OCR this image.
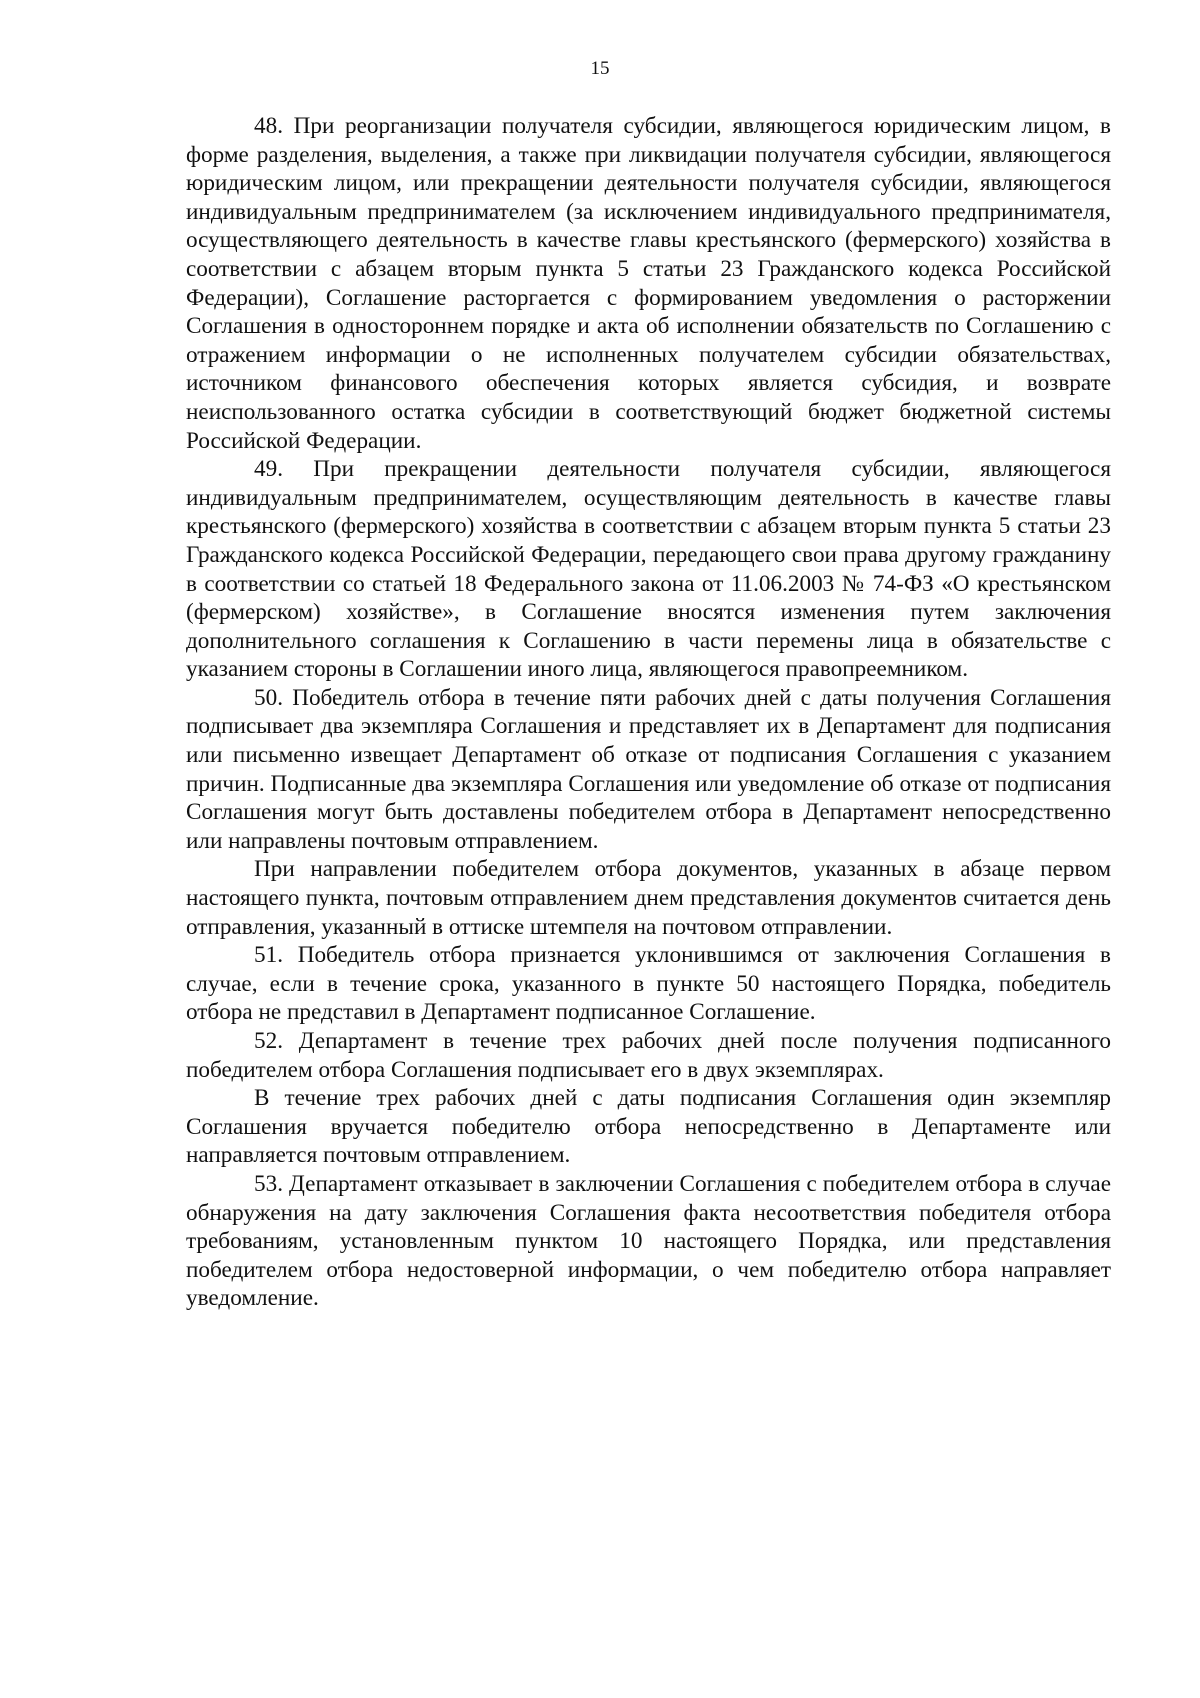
15

48. При реорганизации получателя субсидии, являющегося юридическим лицом, в форме разделения, выделения, а также при ликвидации получателя субсидии, являющегося юридическим лицом, или прекращении деятельности получателя субсидии, являющегося индивидуальным предпринимателем (за исключением индивидуального предпринимателя, осуществляющего деятельность в качестве главы крестьянского (фермерского) хозяйства в соответствии с абзацем вторым пункта 5 статьи 23 Гражданского кодекса Российской Федерации), Соглашение расторгается с формированием уведомления о расторжении Соглашения в одностороннем порядке и акта об исполнении обязательств по Соглашению с отражением информации о не исполненных получателем субсидии обязательствах, источником финансового обеспечения которых является субсидия, и возврате неиспользованного остатка субсидии в соответствующий бюджет бюджетной системы Российской Федерации.

49. При прекращении деятельности получателя субсидии, являющегося индивидуальным предпринимателем, осуществляющим деятельность в качестве главы крестьянского (фермерского) хозяйства в соответствии с абзацем вторым пункта 5 статьи 23 Гражданского кодекса Российской Федерации, передающего свои права другому гражданину в соответствии со статьей 18 Федерального закона от 11.06.2003 № 74-ФЗ «О крестьянском (фермерском) хозяйстве», в Соглашение вносятся изменения путем заключения дополнительного соглашения к Соглашению в части перемены лица в обязательстве с указанием стороны в Соглашении иного лица, являющегося правопреемником.

50. Победитель отбора в течение пяти рабочих дней с даты получения Соглашения подписывает два экземпляра Соглашения и представляет их в Департамент для подписания или письменно извещает Департамент об отказе от подписания Соглашения с указанием причин. Подписанные два экземпляра Соглашения или уведомление об отказе от подписания Соглашения могут быть доставлены победителем отбора в Департамент непосредственно или направлены почтовым отправлением.

При направлении победителем отбора документов, указанных в абзаце первом настоящего пункта, почтовым отправлением днем представления документов считается день отправления, указанный в оттиске штемпеля на почтовом отправлении.

51. Победитель отбора признается уклонившимся от заключения Соглашения в случае, если в течение срока, указанного в пункте 50 настоящего Порядка, победитель отбора не представил в Департамент подписанное Соглашение.

52. Департамент в течение трех рабочих дней после получения подписанного победителем отбора Соглашения подписывает его в двух экземплярах.

В течение трех рабочих дней с даты подписания Соглашения один экземпляр Соглашения вручается победителю отбора непосредственно в Департаменте или направляется почтовым отправлением.

53. Департамент отказывает в заключении Соглашения с победителем отбора в случае обнаружения на дату заключения Соглашения факта несоответствия победителя отбора требованиям, установленным пунктом 10 настоящего Порядка, или представления победителем отбора недостоверной информации, о чем победителю отбора направляет уведомление.
